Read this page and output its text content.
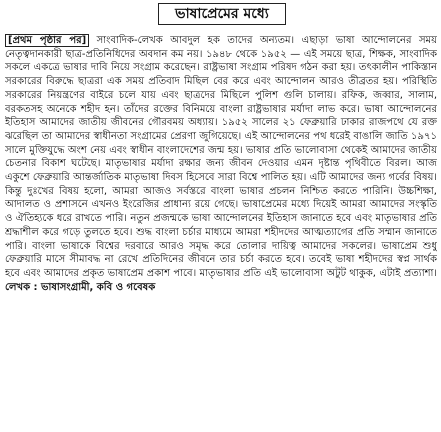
ভাষাপ্রেমের মধ্যে

[প্রথম পৃষ্ঠার পর] সাংবাদিক-লেখক আবদুল হক তাদের অন্যতম। এছাড়া ভাষা আন্দোলনের সময় নেতৃত্বদানকারী ছাত্র-প্রতিনিধিদের অবদান কম নয়। ১৯৪৮ থেকে ১৯৫২ — এই সময়ে ছাত্র, শিক্ষক, সাংবাদিক সকলে একত্রে ভাষার দাবি নিয়ে সংগ্রাম করেছেন। রাষ্ট্রভাষা সংগ্রাম পরিষদ গঠন করা হয়। তৎকালীন পাকিস্তান সরকারের বিরুদ্ধে ছাত্ররা এক সময় প্রতিবাদ মিছিল বের করে এবং আন্দোলন আরও তীব্রতর হয়। পরিস্থিতি সরকারের নিয়ন্ত্রণের বাইরে চলে যায় এবং ছাত্রদের মিছিলে পুলিশ গুলি চালায়। রফিক, জব্বার, সালাম, বরকতসহ অনেকে শহীদ হন। তাঁদের রক্তের বিনিময়ে বাংলা রাষ্ট্রভাষার মর্যাদা লাভ করে। ভাষা আন্দোলনের ইতিহাস আমাদের জাতীয় জীবনের গৌরবময় অধ্যায়। ১৯৫২ সালের ২১ ফেব্রুয়ারি ঢাকার রাজপথে যে রক্ত ঝরেছিল তা আমাদের স্বাধীনতা সংগ্রামের প্রেরণা জুগিয়েছে। এই আন্দোলনের পথ ধরেই বাঙালি জাতি ১৯৭১ সালে মুক্তিযুদ্ধে অংশ নেয় এবং স্বাধীন বাংলাদেশের জন্ম হয়। ভাষার প্রতি ভালোবাসা থেকেই আমাদের জাতীয় চেতনার বিকাশ ঘটেছে। মাতৃভাষার মর্যাদা রক্ষার জন্য জীবন দেওয়ার এমন দৃষ্টান্ত পৃথিবীতে বিরল। আজ একুশে ফেব্রুয়ারি আন্তর্জাতিক মাতৃভাষা দিবস হিসেবে সারা বিশ্বে পালিত হয়। এটি আমাদের জন্য গর্বের বিষয়। কিন্তু দুঃখের বিষয় হলো, আমরা আজও সর্বস্তরে বাংলা ভাষার প্রচলন নিশ্চিত করতে পারিনি। উচ্চশিক্ষা, আদালত ও প্রশাসনে এখনও ইংরেজির প্রাধান্য রয়ে গেছে। ভাষাপ্রেমের মধ্যে দিয়েই আমরা আমাদের সংস্কৃতি ও ঐতিহ্যকে ধরে রাখতে পারি। নতুন প্রজন্মকে ভাষা আন্দোলনের ইতিহাস জানাতে হবে এবং মাতৃভাষার প্রতি শ্রদ্ধাশীল করে গড়ে তুলতে হবে। শুদ্ধ বাংলা চর্চার মাধ্যমে আমরা শহীদদের আত্মত্যাগের প্রতি সম্মান জানাতে পারি। বাংলা ভাষাকে বিশ্বের দরবারে আরও সমৃদ্ধ করে তোলার দায়িত্ব আমাদের সকলের। ভাষাপ্রেম শুধু ফেব্রুয়ারি মাসে সীমাবদ্ধ না রেখে প্রতিদিনের জীবনে তার চর্চা করতে হবে। তবেই ভাষা শহীদদের স্বপ্ন সার্থক হবে এবং আমাদের প্রকৃত ভাষাপ্রেম প্রকাশ পাবে। মাতৃভাষার প্রতি এই ভালোবাসা অটুট থাকুক, এটাই প্রত্যাশা। লেখক : ভাষাসংগ্রামী, কবি ও গবেষক
